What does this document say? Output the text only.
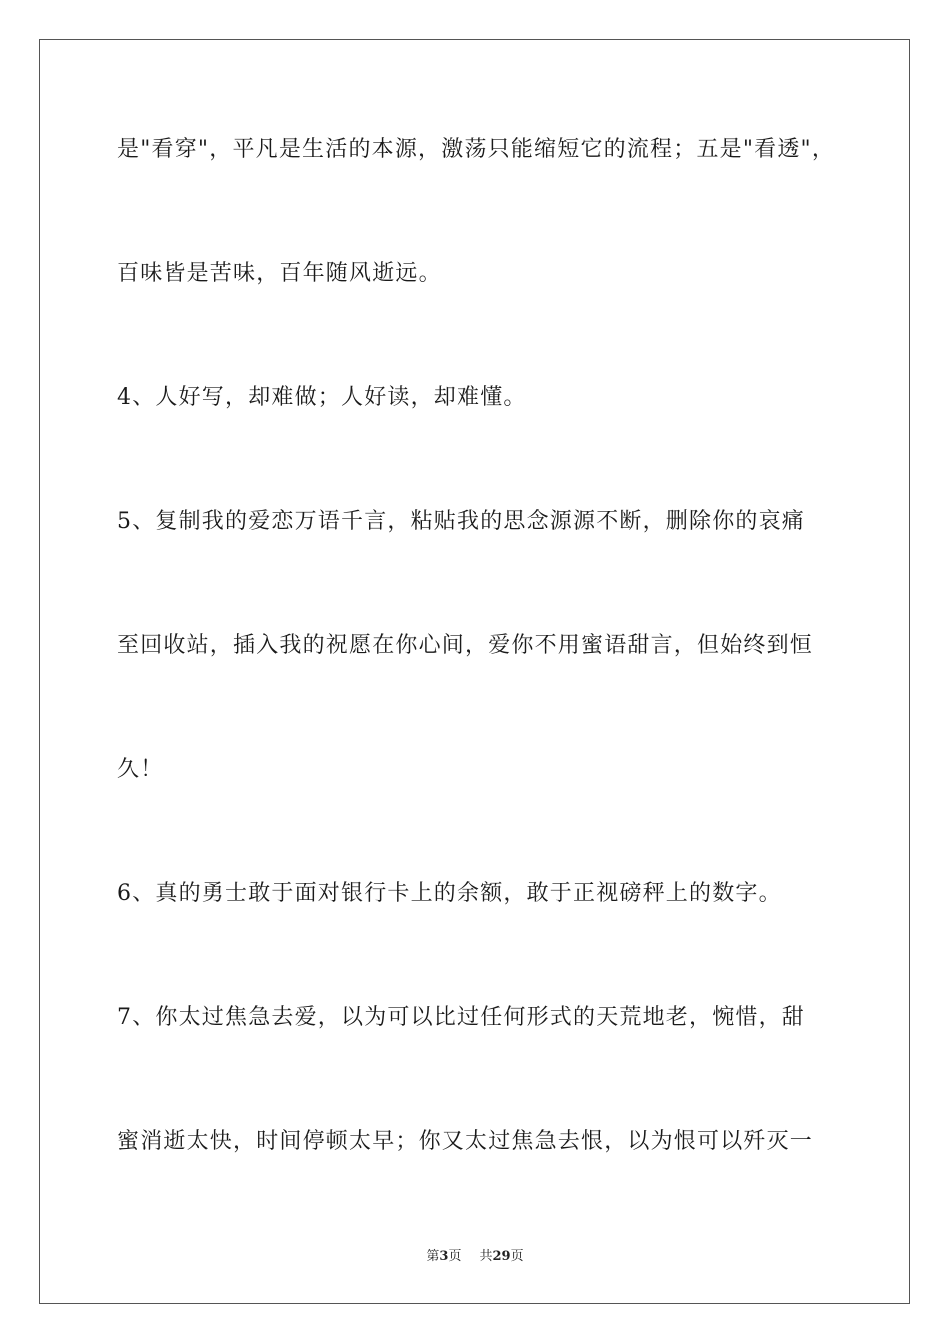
是"看穿"，平凡是生活的本源，激荡只能缩短它的流程；五是"看透"，
百味皆是苦味，百年随风逝远。
4、人好写，却难做；人好读，却难懂。
5、复制我的爱恋万语千言，粘贴我的思念源源不断，删除你的哀痛
至回收站，插入我的祝愿在你心间，爱你不用蜜语甜言，但始终到恒
久！
6、真的勇士敢于面对银行卡上的余额，敢于正视磅秤上的数字。
7、你太过焦急去爱，以为可以比过任何形式的天荒地老，惋惜，甜
蜜消逝太快，时间停顿太早；你又太过焦急去恨，以为恨可以歼灭一
第3页 共29页
